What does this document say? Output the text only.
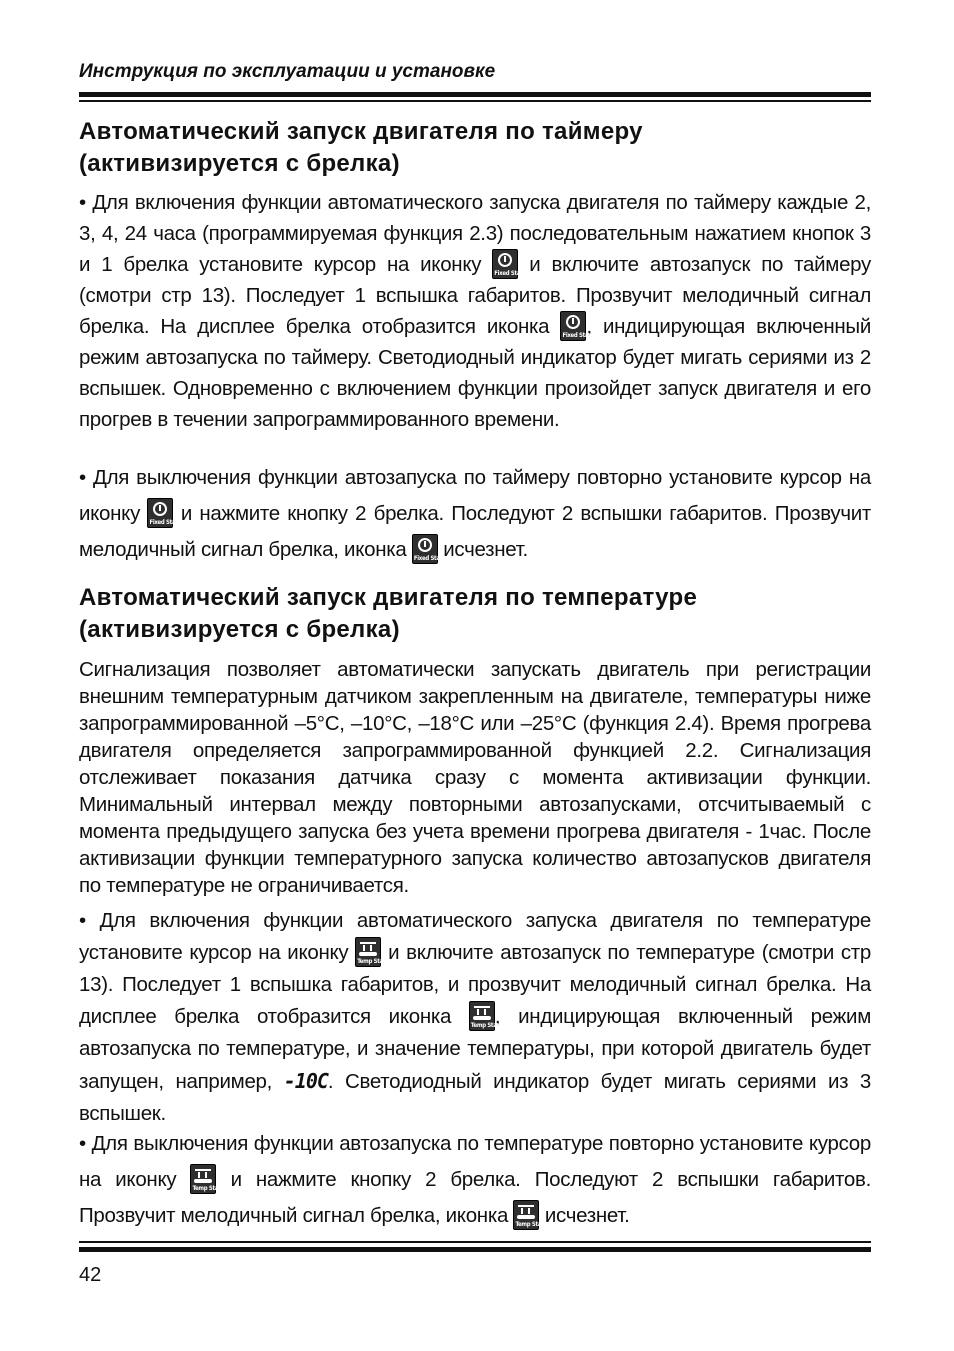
Инструкция по эксплуатации и установке
Автоматический запуск двигателя по таймеру
(активизируется с брелка)

• Для включения функции автоматического запуска двигателя по таймеру каждые 2, 3, 4, 24 часа (программируемая функция 2.3) последовательным нажатием кнопок 3 и 1 брелка установите курсор на иконку Fixed Start
и включите автозапуск по таймеру (смотри стр 13). Последует 1 вспышка габаритов. Прозвучит мелодичный сигнал брелка. На дисплее брелка отобразится иконка Fixed Start
, индицирующая включенный режим автозапуска по таймеру. Светодиодный индикатор будет мигать сериями из 2 вспышек. Одновременно с включением функции произойдет запуск двигателя и его прогрев в течении запрограммированного времени.

• Для выключения функции автозапуска по таймеру повторно установите курсор на иконку Fixed Start
и нажмите кнопку 2 брелка. Последуют 2 вспышки габаритов. Прозвучит мелодичный сигнал брелка, иконка Fixed Start
исчезнет.

Автоматический запуск двигателя по температуре
(активизируется с брелка)

Сигнализация позволяет автоматически запускать двигатель при регистрации внешним температурным датчиком закрепленным на двигателе, температуры ниже запрограммированной –5°C, –10°C, –18°C или –25°C (функция 2.4). Время прогрева двигателя определяется запрограммированной функцией 2.2. Сигнализация отслеживает показания датчика сразу с момента активизации функции. Минимальный интервал между повторными автозапусками, отсчитываемый с момента предыдущего запуска без учета времени прогрева двигателя - 1час. После активизации функции температурного запуска количество автозапусков двигателя по температуре не ограничивается.

• Для включения функции автоматического запуска двигателя по температуре установите курсор на иконку Temp Start
и включите автозапуск по температуре (смотри стр 13). Последует 1 вспышка габаритов, и прозвучит мелодичный сигнал брелка. На дисплее брелка отобразится иконка Temp Start
, индицирующая включенный режим автозапуска по температуре, и значение температуры, при которой двигатель будет запущен, например, -10C. Светодиодный индикатор будет мигать сериями из 3 вспышек.

• Для выключения функции автозапуска по температуре повторно установите курсор на иконку Temp Start
и нажмите кнопку 2 брелка. Последуют 2 вспышки габаритов. Прозвучит мелодичный сигнал брелка, иконка Temp Start
исчезнет.

42
